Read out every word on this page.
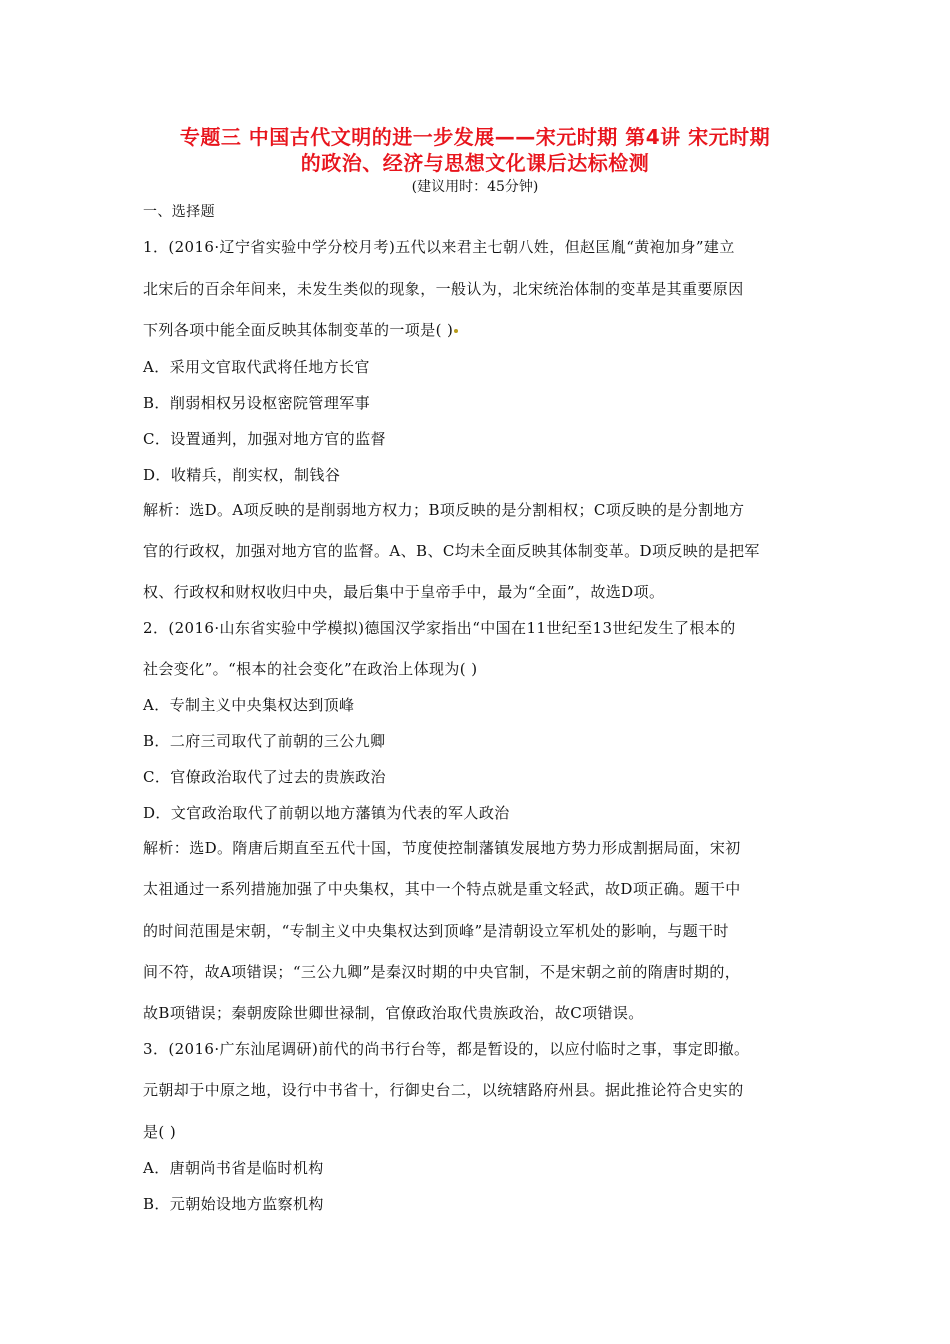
专题三 中国古代文明的进一步发展——宋元时期 第4讲 宋元时期
的政治、经济与思想文化课后达标检测
(建议用时：45分钟)
一、选择题
1．(2016·辽宁省实验中学分校月考)五代以来君主七朝八姓，但赵匡胤“黄袍加身”建立
北宋后的百余年间来，未发生类似的现象，一般认为，北宋统治体制的变革是其重要原因
下列各项中能全面反映其体制变革的一项是( )
A．采用文官取代武将任地方长官
B．削弱相权另设枢密院管理军事
C．设置通判，加强对地方官的监督
D．收精兵，削实权，制钱谷
解析：选D。A项反映的是削弱地方权力；B项反映的是分割相权；C项反映的是分割地方
官的行政权，加强对地方官的监督。A、B、C均未全面反映其体制变革。D项反映的是把军
权、行政权和财权收归中央，最后集中于皇帝手中，最为“全面”，故选D项。
2．(2016·山东省实验中学模拟)德国汉学家指出“中国在11世纪至13世纪发生了根本的
社会变化”。“根本的社会变化”在政治上体现为( )
A．专制主义中央集权达到顶峰
B．二府三司取代了前朝的三公九卿
C．官僚政治取代了过去的贵族政治
D．文官政治取代了前朝以地方藩镇为代表的军人政治
解析：选D。隋唐后期直至五代十国，节度使控制藩镇发展地方势力形成割据局面，宋初
太祖通过一系列措施加强了中央集权，其中一个特点就是重文轻武，故D项正确。题干中
的时间范围是宋朝，“专制主义中央集权达到顶峰”是清朝设立军机处的影响，与题干时
间不符，故A项错误；“三公九卿”是秦汉时期的中央官制，不是宋朝之前的隋唐时期的，
故B项错误；秦朝废除世卿世禄制，官僚政治取代贵族政治，故C项错误。
3．(2016·广东汕尾调研)前代的尚书行台等，都是暂设的，以应付临时之事，事定即撤。
元朝却于中原之地，设行中书省十，行御史台二，以统辖路府州县。据此推论符合史实的
是( )
A．唐朝尚书省是临时机构
B．元朝始设地方监察机构
